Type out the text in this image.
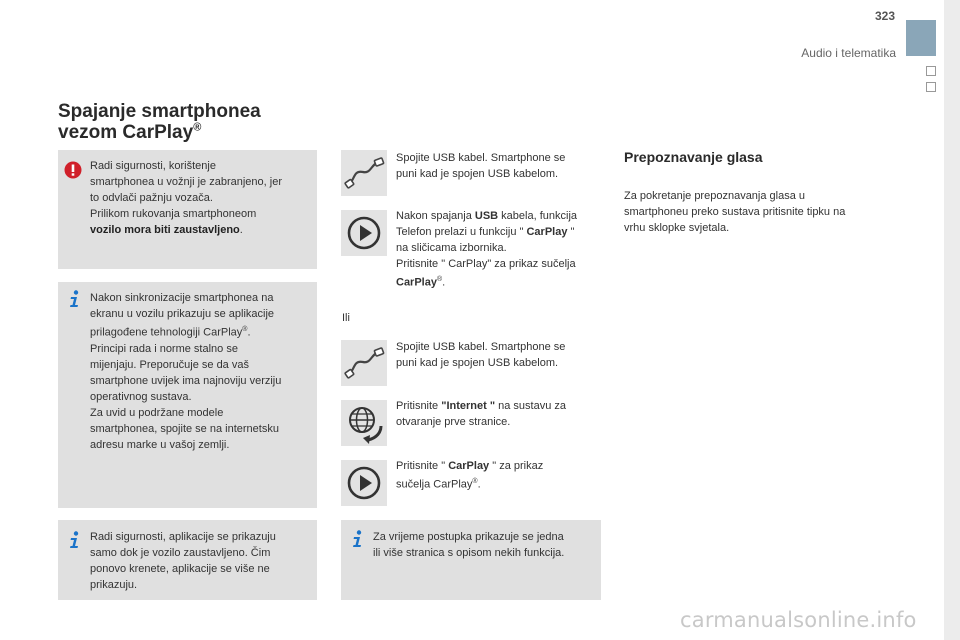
323
Audio i telematika
Spajanje smartphonea
vezom CarPlay®
Radi sigurnosti, korištenje
smartphonea u vožnji je zabranjeno, jer
to odvlači pažnju vozača.
Prilikom rukovanja smartphoneom
vozilo mora biti zaustavljeno.
Nakon sinkronizacije smartphonea na
ekranu u vozilu prikazuju se aplikacije
prilagođene tehnologiji CarPlay®.
Principi rada i norme stalno se
mijenjaju. Preporučuje se da vaš
smartphone uvijek ima najnoviju verziju
operativnog sustava.
Za uvid u podržane modele
smartphonea, spojite se na internetsku
adresu marke u vašoj zemlji.
Radi sigurnosti, aplikacije se prikazuju
samo dok je vozilo zaustavljeno. Čim
ponovo krenete, aplikacije se više ne
prikazuju.
Spojite USB kabel. Smartphone se
puni kad je spojen USB kabelom.
Nakon spajanja USB kabela, funkcija
Telefon prelazi u funkciju " CarPlay "
na sličicama izbornika.
Pritisnite " CarPlay" za prikaz sučelja
CarPlay®.
Ili
Spojite USB kabel. Smartphone se
puni kad je spojen USB kabelom.
Pritisnite "Internet " na sustavu za
otvaranje prve stranice.
Pritisnite " CarPlay " za prikaz
sučelja CarPlay®.
Za vrijeme postupka prikazuje se jedna
ili više stranica s opisom nekih funkcija.
Prepoznavanje glasa
Za pokretanje prepoznavanja glasa u
smartphoneu preko sustava pritisnite tipku na
vrhu sklopke svjetala.
carmanualsonline.info
